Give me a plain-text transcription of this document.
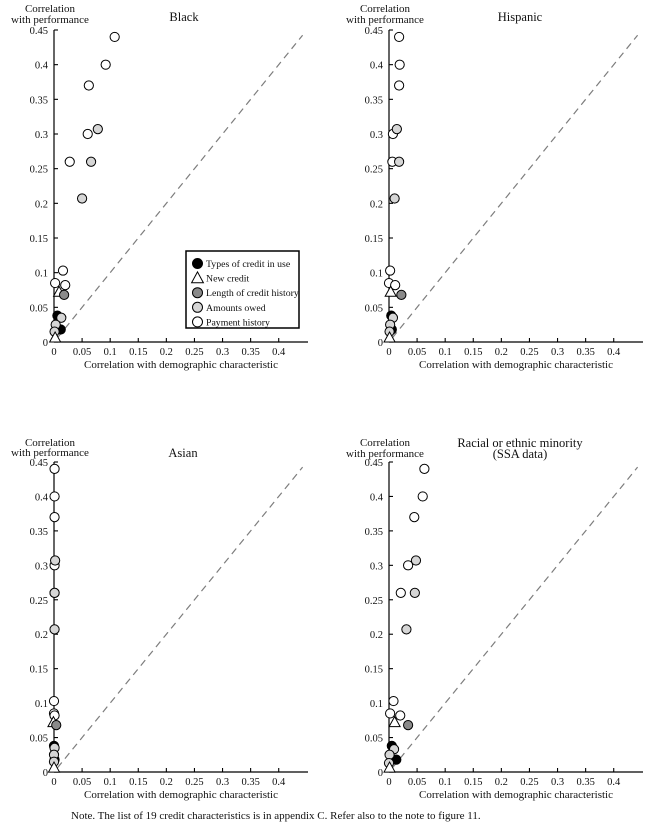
Correlation
with performance	Black
0 0.05 0.1 0.15 0.2 0.25 0.3 0.35 0.4
0
0.05
0.1
0.15
0.2
0.25
0.3
0.35
0.4
0.45
Correlation with demographic characteristic
Types of credit in use
New credit
Length of credit history
Amounts owed
Payment history
Correlation
with performance	Hispanic
0 0.05 0.1 0.15 0.2 0.25 0.3 0.35 0.4
0
0.05
0.1
0.15
0.2
0.25
0.3
0.35
0.4
0.45
Correlation with demographic characteristic
Correlation
with performance	Asian
0 0.05 0.1 0.15 0.2 0.25 0.3 0.35 0.4
0
0.05
0.1
0.15
0.2
0.25
0.3
0.35
0.4
0.45
Correlation with demographic characteristic
Correlation
with performance
Racial or ethnic minority
(SSA data)
0 0.05 0.1 0.15 0.2 0.25 0.3 0.35 0.4
0
0.05
0.1
0.15
0.2
0.25
0.3
0.35
0.4
0.45
Correlation with demographic characteristic
Note. The list of 19 credit characteristics is in appendix C. Refer also to the note to figure 11.
